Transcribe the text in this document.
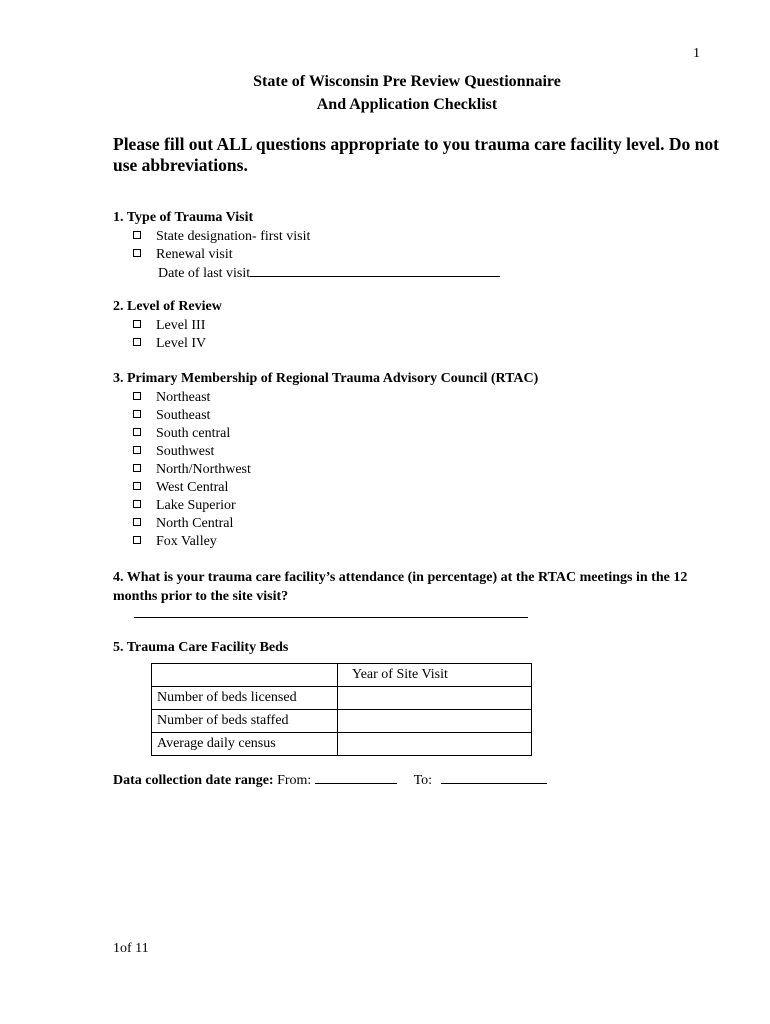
1
State of Wisconsin Pre Review Questionnaire
And Application Checklist
Please fill out ALL questions appropriate to you trauma care facility level. Do not use abbreviations.
1. Type of Trauma Visit
State designation- first visit
Renewal visit
Date of last visit
2. Level of Review
Level III
Level IV
3. Primary Membership of Regional Trauma Advisory Council (RTAC)
Northeast
Southeast
South central
Southwest
North/Northwest
West Central
Lake Superior
North Central
Fox Valley
4. What is your trauma care facility’s attendance (in percentage) at the RTAC meetings in the 12 months prior to the site visit?
5. Trauma Care Facility Beds
	Year of Site Visit
Number of beds licensed	
Number of beds staffed	
Average daily census	
Data collection date range: From:	To:
1of 11
